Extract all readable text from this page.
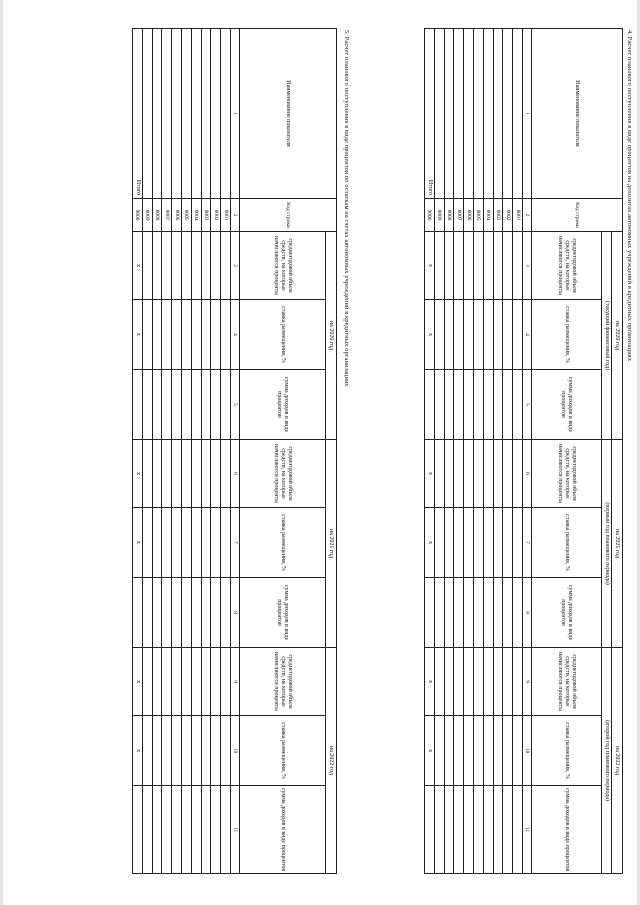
4. Расчет планового поступления в виде процентов на депозитах автономных учреждений в кредитных организациях
Наименование показателя	Код строки	на 2020 год			на 2021 год			на 2022 год		
		(текущий финансовый год)			(первый год планового периода)			(второй год планового периода)		
		среднегодовой объем средств, на которые начисляются проценты	ставка размещения, %	сумма доходов в виде процентов	среднегодовой объем средств, на которые начисляются проценты	ставка размещения, %	сумма доходов в виде процентов	среднегодовой объем средств, на которые начисляются проценты	ставка размещения, %	сумма доходов в виде процентов
1	2	3	4	5	6	7	8	9	10	11
	0001									
	0002									
	0003									
	0004									
	0005									
	0006									
	0007									
	0008									
	0009									
Итого	9000	х	х		х	х		х	х	
5. Расчет планового поступления в виде процентов по остаткам на счетах автономных учреждений в кредитных организациях
Наименование показателя	Код строки	на 2020 год			на 2021 год			на 2022 год		
		среднегодовой объем средств, на которые начисляются проценты	ставка размещения, %	сумма доходов в виде процентов	среднегодовой объем средств, на которые начисляются проценты	ставка размещения, %	сумма доходов в виде процентов	среднегодовой объем средств, на которые начисляются проценты	ставка размещения, %	сумма доходов в виде процентов
1	2	3	4	5	6	7	8	9	10	11
	0001									
	0002									
	0003									
	0004									
	0005									
	0006									
	0007									
	0008									
	0009									
Итого	9000	х	х		х	х		х	х	
